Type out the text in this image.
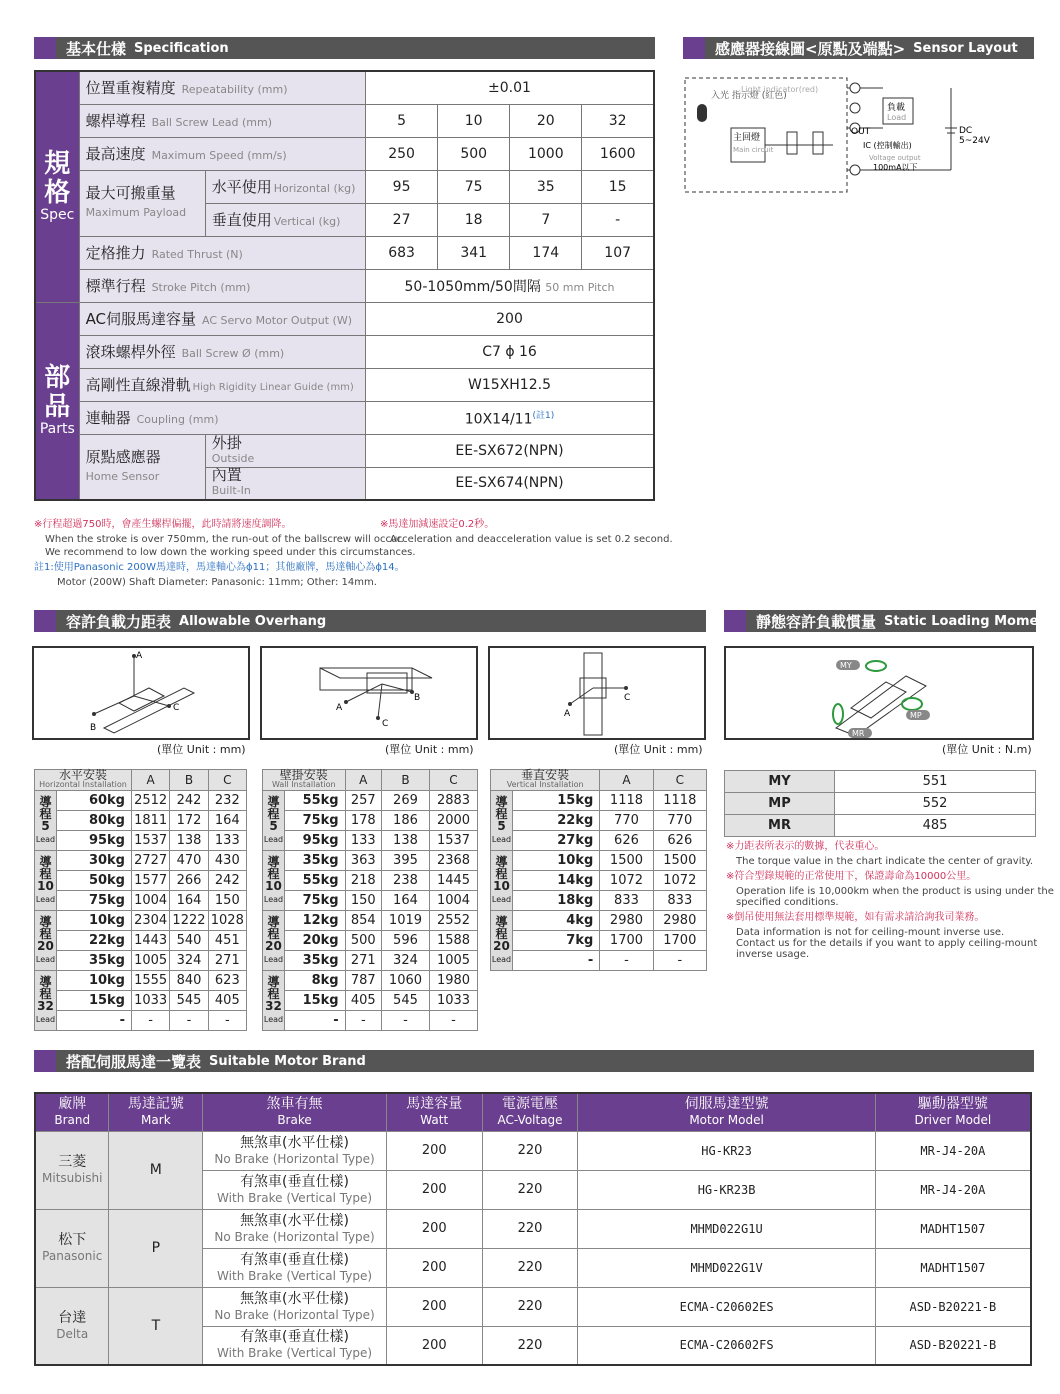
基本仕樣 Specification	感應器接線圖<原點及端點> Sensor Layout
規
格
Spec	位置重複精度 Repeatability (mm)		±0.01			
	螺桿導程 Ball Screw Lead (mm)		5	10	20	32
	最高速度 Maximum Speed (mm/s)		250	500	1000	1600
	最大可搬重量
Maximum Payload	水平使用 Horizontal (kg)	95	75	35	15
		垂直使用 Vertical (kg)	27	18	7	-
	定格推力 Rated Thrust (N)		683	341	174	107
	標準行程 Stroke Pitch (mm)		50-1050mm/50間隔 50 mm Pitch			

部
品
Parts	AC伺服馬達容量 AC Servo Motor Output (W)		200			
	滾珠螺桿外徑 Ball Screw Ø (mm)		C7 ϕ 16			
	高剛性直線滑軌 High Rigidity Linear Guide (mm)		W15XH12.5			
	連軸器 Coupling (mm)		$10X14/11^{(註1)}$
	原點感應器
Home Sensor	外掛
Outside	EE-SX672(NPN)			
		內置
Built-In	EE-SX674(NPN)			
※行程超過750時，會產生螺桿偏擺，此時請將速度調降。
When the stroke is over 750mm, the run-out of the ballscrew will occur.
We recommend to low down the working speed under this circumstances.
※馬達加減速設定0.2秒。
Acceleration and deacceleration value is set 0.2 second.
註1:使用Panasonic 200W馬達時，馬達軸心為ϕ11；其他廠牌，馬達軸心為ϕ14。
Motor (200W) Shaft Diameter: Panasonic: 11mm; Other: 14mm.
入光 指示燈 (紅色)
Light indicator(red)
主回燈
Main circuit
負載
Load
OUT
IC (控制輸出)
Voltage output
100mA以下
DC
5~24V
容許負載力距表 Allowable Overhang	靜態容許負載慣量 Static Loading Moment
A
B
C	A
B
C
A
C
MY
MP
MR
(單位 Unit : mm)	(單位 Unit : mm)	(單位 Unit : mm)	(單位 Unit : N.m)
水平安裝
Horizontal Installation		A	B	C
導程
5
Lead	60kg	2512	242	232
	80kg	1811	172	164
	95kg	1537	138	133
導程
10
Lead	30kg	2727	470	430
	50kg	1577	266	242
	75kg	1004	164	150
導程
20
Lead	10kg	2304	1222	1028
	22kg	1443	540	451
	35kg	1005	324	271
導程
32
Lead	10kg	1555	840	623
	15kg	1033	545	405
	-	-	-	-
壁掛安裝
Wall Installation		A	B	C
導程
5
Lead	55kg	257	269	2883
	75kg	178	186	2000
	95kg	133	138	1537
導程
10
Lead	35kg	363	395	2368
	55kg	218	238	1445
	75kg	150	164	1004
導程
20
Lead	12kg	854	1019	2552
	20kg	500	596	1588
	35kg	271	324	1005
導程
32
Lead	8kg	787	1060	1980
	15kg	405	545	1033
	-	-	-	-
垂直安裝
Vertical Installation		A	C
導程
5
Lead	15kg	1118	1118
	22kg	770	770
	27kg	626	626
導程
10
Lead	10kg	1500	1500
	14kg	1072	1072
	18kg	833	833
導程
20
Lead	4kg	2980	2980
	7kg	1700	1700
	-	-	-
MY	551
MP	552
MR	485
※力距表所表示的數據，代表重心。
The torque value in the chart indicate the center of gravity.
※符合型錄規範的正常使用下，保證壽命為10000公里。
Operation life is 10,000km when the product is using under the
specified conditions.
※倒吊使用無法套用標準規範，如有需求請洽詢我司業務。
Data information is not for ceiling-mount inverse use.
Contact us for the details if you want to apply ceiling-mount
inverse usage.
搭配伺服馬達一覽表 Suitable Motor Brand
廠牌
Brand	馬達記號
Mark	煞車有無
Brake	馬達容量
Watt	電源電壓
AC-Voltage	伺服馬達型號
Motor Model	驅動器型號
Driver Model

三菱
Mitsubishi	M	無煞車(水平仕樣)
No Brake (Horizontal Type)	200	220	HG-KR23	MR-J4-20A
		有煞車(垂直仕樣)
With Brake (Vertical Type)	200	220	HG-KR23B	MR-J4-20A
松下
Panasonic	P	無煞車(水平仕樣)
No Brake (Horizontal Type)	200	220	MHMD022G1U	MADHT1507
		有煞車(垂直仕樣)
With Brake (Vertical Type)	200	220	MHMD022G1V	MADHT1507
台達
Delta	T	無煞車(水平仕樣)
No Brake (Horizontal Type)	200	220	ECMA-C20602ES	ASD-B20221-B
		有煞車(垂直仕樣)
With Brake (Vertical Type)	200	220	ECMA-C20602FS	ASD-B20221-B
